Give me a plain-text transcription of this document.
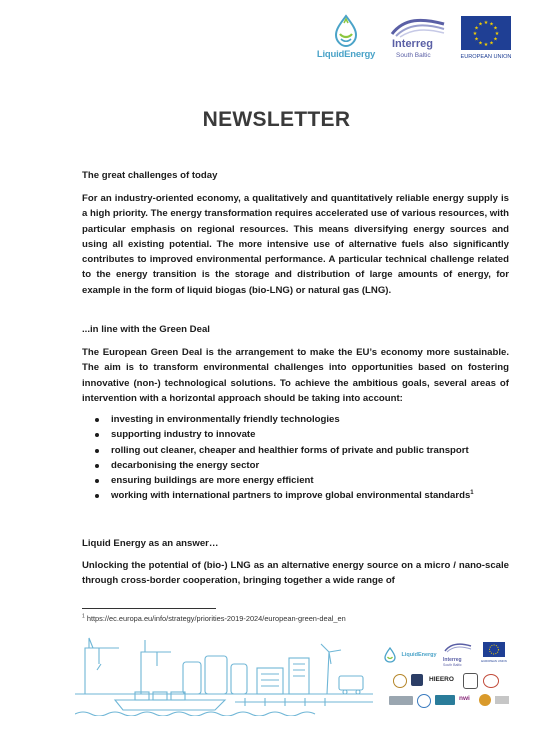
LiquidEnergy
Interreg
South Baltic
★ ★
★
★
★
★
★
★
★
★
★
★
EUROPEAN UNION
NEWSLETTER
The great challenges of today
For an industry-oriented economy, a qualitatively and quantitatively reliable energy supply is a high priority. The energy transformation requires accelerated use of various resources, with particular emphasis on regional resources. This means diversifying energy sources and using all existing potential. The more intensive use of alternative fuels also significantly contributes to improved environmental performance. A particular technical challenge related to the energy transition is the storage and distribution of large amounts of energy, for example in the form of liquid biogas (bio-LNG) or natural gas (LNG).
...in line with the Green Deal
The European Green Deal is the arrangement to make the EU’s economy more sustainable. The aim is to transform environmental challenges into opportunities based on fostering innovative (non-) technological solutions. To achieve the ambitious goals, several areas of intervention with a horizontal approach should be taking into account:
investing in environmentally friendly technologies
supporting industry to innovate
rolling out cleaner, cheaper and healthier forms of private and public transport
decarbonising the energy sector
ensuring buildings are more energy efficient
working with international partners to improve global environmental standards$^1$
Liquid Energy as an answer…
Unlocking the potential of (bio-) LNG as an alternative energy source on a micro / nano-scale through cross-border cooperation, bringing together a wide range of
$^1$ https://ec.europa.eu/info/strategy/priorities-2019-2024/european-green-deal_en
LiquidEnergy
Interreg
South Baltic
EUROPEAN UNION
HIEERO
nwi
